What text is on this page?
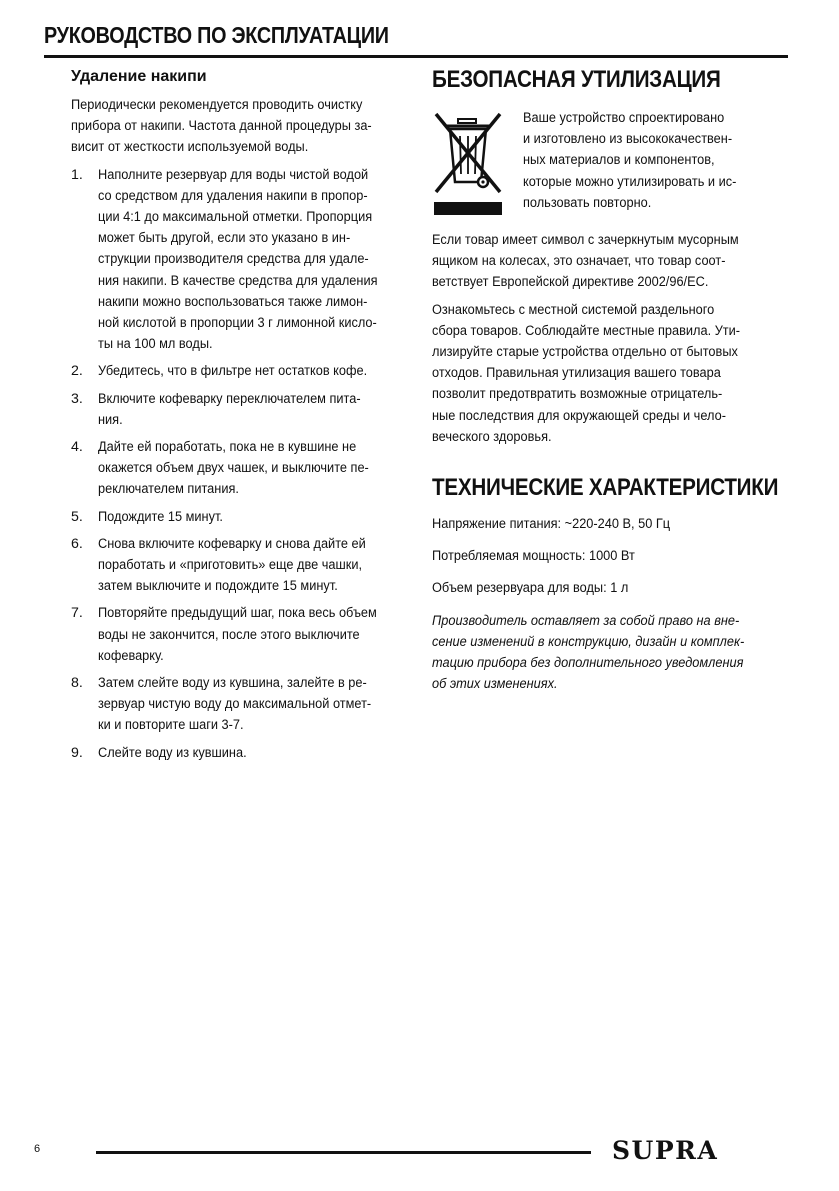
РУКОВОДСТВО ПО ЭКСПЛУАТАЦИИ
Удаление накипи
Периодически рекомендуется проводить очистку
прибора от накипи. Частота данной процедуры за-
висит от жесткости используемой воды.
1. Наполните резервуар для воды чистой водой
со средством для удаления накипи в пропор-
ции 4:1 до максимальной отметки. Пропорция
может быть другой, если это указано в ин-
струкции производителя средства для удале-
ния накипи. В качестве средства для удаления
накипи можно воспользоваться также лимон-
ной кислотой в пропорции 3 г лимонной кисло-
ты на 100 мл воды.
2. Убедитесь, что в фильтре нет остатков кофе.
3. Включите кофеварку переключателем пита-
ния.
4. Дайте ей поработать, пока не в кувшине не
окажется объем двух чашек, и выключите пе-
реключателем питания.
5. Подождите 15 минут.
6. Снова включите кофеварку и снова дайте ей
поработать и «приготовить» еще две чашки,
затем выключите и подождите 15 минут.
7. Повторяйте предыдущий шаг, пока весь объем
воды не закончится, после этого выключите
кофеварку.
8. Затем слейте воду из кувшина, залейте в ре-
зервуар чистую воду до максимальной отмет-
ки и повторите шаги 3-7.
9. Слейте воду из кувшина.
БЕЗОПАСНАЯ УТИЛИЗАЦИЯ
Ваше устройство спроектировано
и изготовлено из высококачествен-
ных материалов и компонентов,
которые можно утилизировать и ис-
пользовать повторно.
Если товар имеет символ с зачеркнутым мусорным
ящиком на колесах, это означает, что товар соот-
ветствует Европейской директиве 2002/96/EC.
Ознакомьтесь с местной системой раздельного
сбора товаров. Соблюдайте местные правила. Ути-
лизируйте старые устройства отдельно от бытовых
отходов. Правильная утилизация вашего товара
позволит предотвратить возможные отрицатель-
ные последствия для окружающей среды и чело-
веческого здоровья.
ТЕХНИЧЕСКИЕ ХАРАКТЕРИСТИКИ
Напряжение питания: ~220-240 В, 50 Гц
Потребляемая мощность: 1000 Вт
Объем резервуара для воды: 1 л
Производитель оставляет за собой право на вне-
сение изменений в конструкцию, дизайн и комплек-
тацию прибора без дополнительного уведомления
об этих изменениях.
6	SUPRA
